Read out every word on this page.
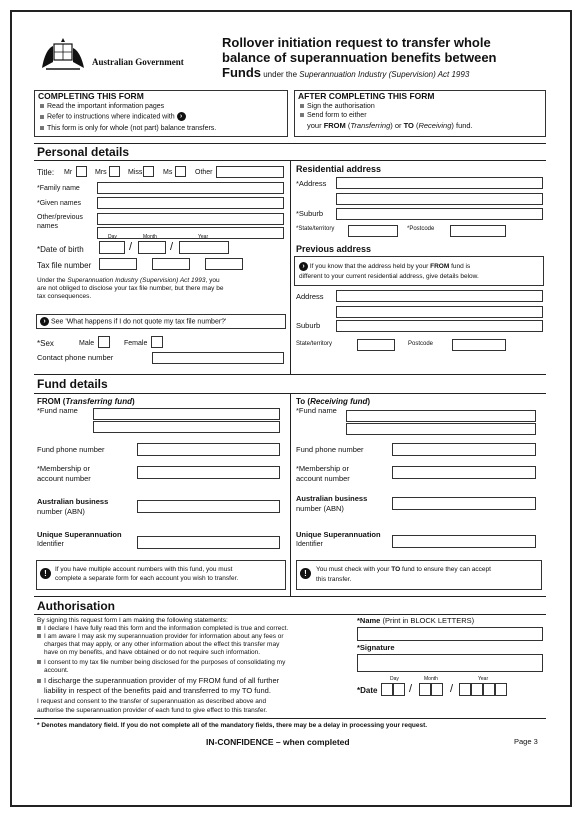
Australian Government
Rollover initiation request to transfer whole
balance of superannuation benefits between
Funds under the Superannuation Industry (Supervision) Act 1993
COMPLETING THIS FORM
Read the important information pages
Refer to instructions where indicated with ›
This form is only for whole (not part) balance transfers.
AFTER COMPLETING THIS FORM
Sign the authorisation
Send form to either
your FROM (Transferring) or TO (Receiving) fund.
Personal details
Title: Mr	Mrs	Miss	Ms	Other
*Family name
*Given names
Other/previous
names
Day	Month	Year
*Date of birth	/	/
Tax file number
Under the Superannuation Industry (Supervision) Act 1993, you
are not obliged to disclose your tax file number, but there may be
tax consequences.
› See 'What happens if I do not quote my tax file number?'
*Sex	Male	Female
Contact phone number
Residential address
*Address
*Suburb
*State/territory	*Postcode
Previous address
› If you know that the address held by your FROM fund is
different to your current residential address, give details below.
Address
Suburb
State/territory	Postcode
Fund details
FROM (Transferring fund)
*Fund name
Fund phone number
*Membership or
account number
Australian business
number (ABN)
Unique Superannuation
Identifier
!	If you have multiple account numbers with this fund, you must
complete a separate form for each account you wish to transfer.
To (Receiving fund)
*Fund name
Fund phone number
*Membership or
account number
Australian business
number (ABN)
Unique Superannuation
Identifier
!	You must check with your TO fund to ensure they can accept
this transfer.
Authorisation
By signing this request form I am making the following statements:
I declare I have fully read this form and the information completed is true and correct.
I am aware I may ask my superannuation provider for information about any fees or
charges that may apply, or any other information about the effect this transfer may
have on my benefits, and have obtained or do not require such information.
I consent to my tax file number being disclosed for the purposes of consolidating my
account.
I discharge the superannuation provider of my FROM fund of all further
liability in respect of the benefits paid and transferred to my TO fund.
I request and consent to the transfer of superannuation as described above and
authorise the superannuation provider of each fund to give effect to this transfer.
*Name (Print in BLOCK LETTERS)
*Signature
Day	Month	Year
*Date	/	/
* Denotes mandatory field. If you do not complete all of the mandatory fields, there may be a delay in processing your request.
IN-CONFIDENCE – when completed	Page 3
